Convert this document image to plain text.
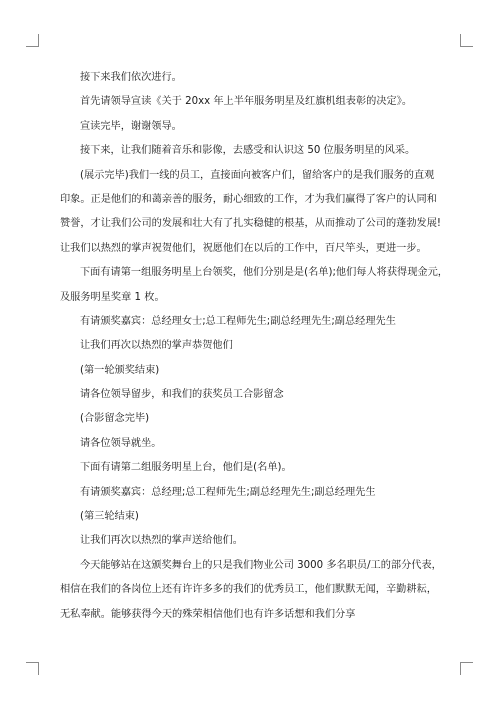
接下来我们依次进行。
首先请领导宣读《关于 20xx 年上半年服务明星及红旗机组表彰的决定》。
宣读完毕，谢谢领导。
接下来，让我们随着音乐和影像，去感受和认识这 50 位服务明星的风采。
(展示完毕)我们一线的员工，直接面向被客户们，留给客户的是我们服务的直观
印象。正是他们的和蔼亲善的服务，耐心细致的工作，才为我们赢得了客户的认同和
赞誉，才让我们公司的发展和壮大有了扎实稳健的根基，从而推动了公司的蓬勃发展!
让我们以热烈的掌声祝贺他们，祝愿他们在以后的工作中，百尺竿头，更进一步。
下面有请第一组服务明星上台领奖，他们分别是是(名单);他们每人将获得现金元，
及服务明星奖章 1 枚。
有请颁奖嘉宾：总经理女士;总工程师先生;副总经理先生;副总经理先生
让我们再次以热烈的掌声恭贺他们
(第一轮颁奖结束)
请各位领导留步，和我们的获奖员工合影留念
(合影留念完毕)
请各位领导就坐。
下面有请第二组服务明星上台，他们是(名单)。
有请颁奖嘉宾：总经理;总工程师先生;副总经理先生;副总经理先生
(第三轮结束)
让我们再次以热烈的掌声送给他们。
今天能够站在这颁奖舞台上的只是我们物业公司 3000 多名职员/工的部分代表，
相信在我们的各岗位上还有许许多多的我们的优秀员工，他们默默无闻，辛勤耕耘，
无私奉献。能够获得今天的殊荣相信他们也有许多话想和我们分享
